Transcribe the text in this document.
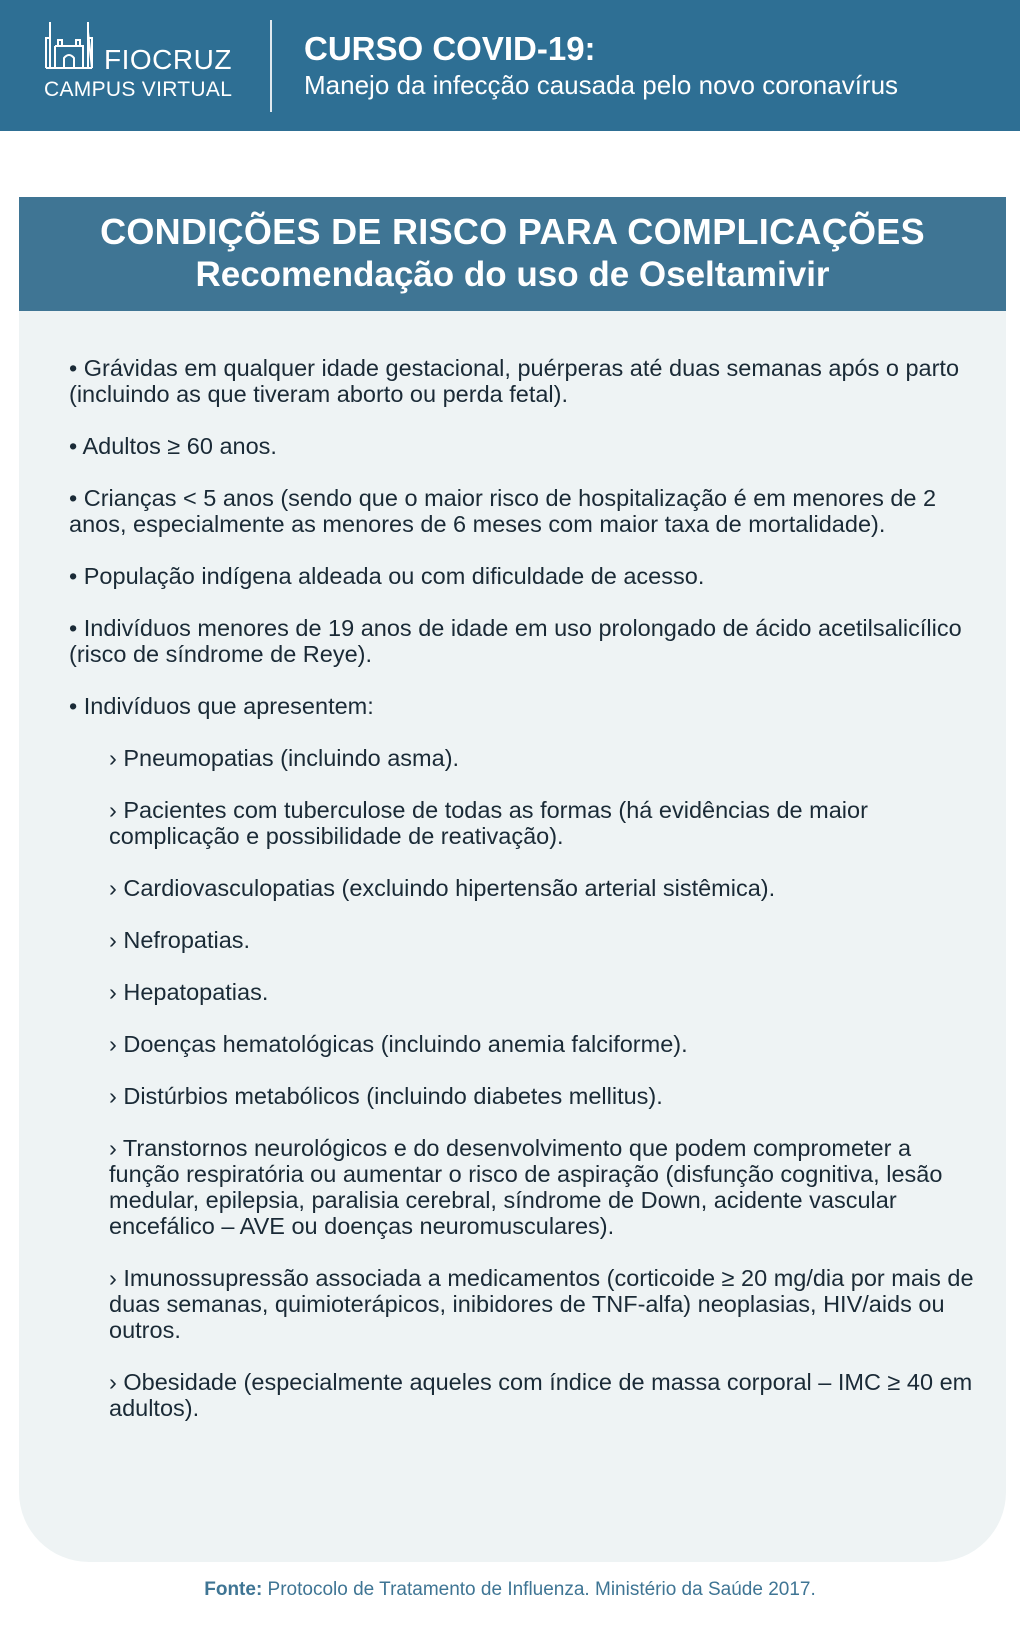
FIOCRUZ
CAMPUS VIRTUAL
CURSO COVID-19:
Manejo da infecção causada pelo novo coronavírus
CONDIÇÕES DE RISCO PARA COMPLICAÇÕES
Recomendação do uso de Oseltamivir
• Grávidas em qualquer idade gestacional, puérperas até duas semanas após o parto (incluindo as que tiveram aborto ou perda fetal).
• Adultos ≥ 60 anos.
• Crianças < 5 anos (sendo que o maior risco de hospitalização é em menores de 2 anos, especialmente as menores de 6 meses com maior taxa de mortalidade).
• População indígena aldeada ou com dificuldade de acesso.
• Indivíduos menores de 19 anos de idade em uso prolongado de ácido acetilsalicílico (risco de síndrome de Reye).
• Indivíduos que apresentem:
› Pneumopatias (incluindo asma).
› Pacientes com tuberculose de todas as formas (há evidências de maior complicação e possibilidade de reativação).
› Cardiovasculopatias (excluindo hipertensão arterial sistêmica).
› Nefropatias.
› Hepatopatias.
› Doenças hematológicas (incluindo anemia falciforme).
› Distúrbios metabólicos (incluindo diabetes mellitus).
› Transtornos neurológicos e do desenvolvimento que podem comprometer a função respiratória ou aumentar o risco de aspiração (disfunção cognitiva, lesão medular, epilepsia, paralisia cerebral, síndrome de Down, acidente vascular encefálico – AVE ou doenças neuromusculares).
› Imunossupressão associada a medicamentos (corticoide ≥ 20 mg/dia por mais de duas semanas, quimioterápicos, inibidores de TNF-alfa) neoplasias, HIV/aids ou outros.
› Obesidade (especialmente aqueles com índice de massa corporal – IMC ≥ 40 em adultos).
Fonte: Protocolo de Tratamento de Influenza. Ministério da Saúde 2017.
